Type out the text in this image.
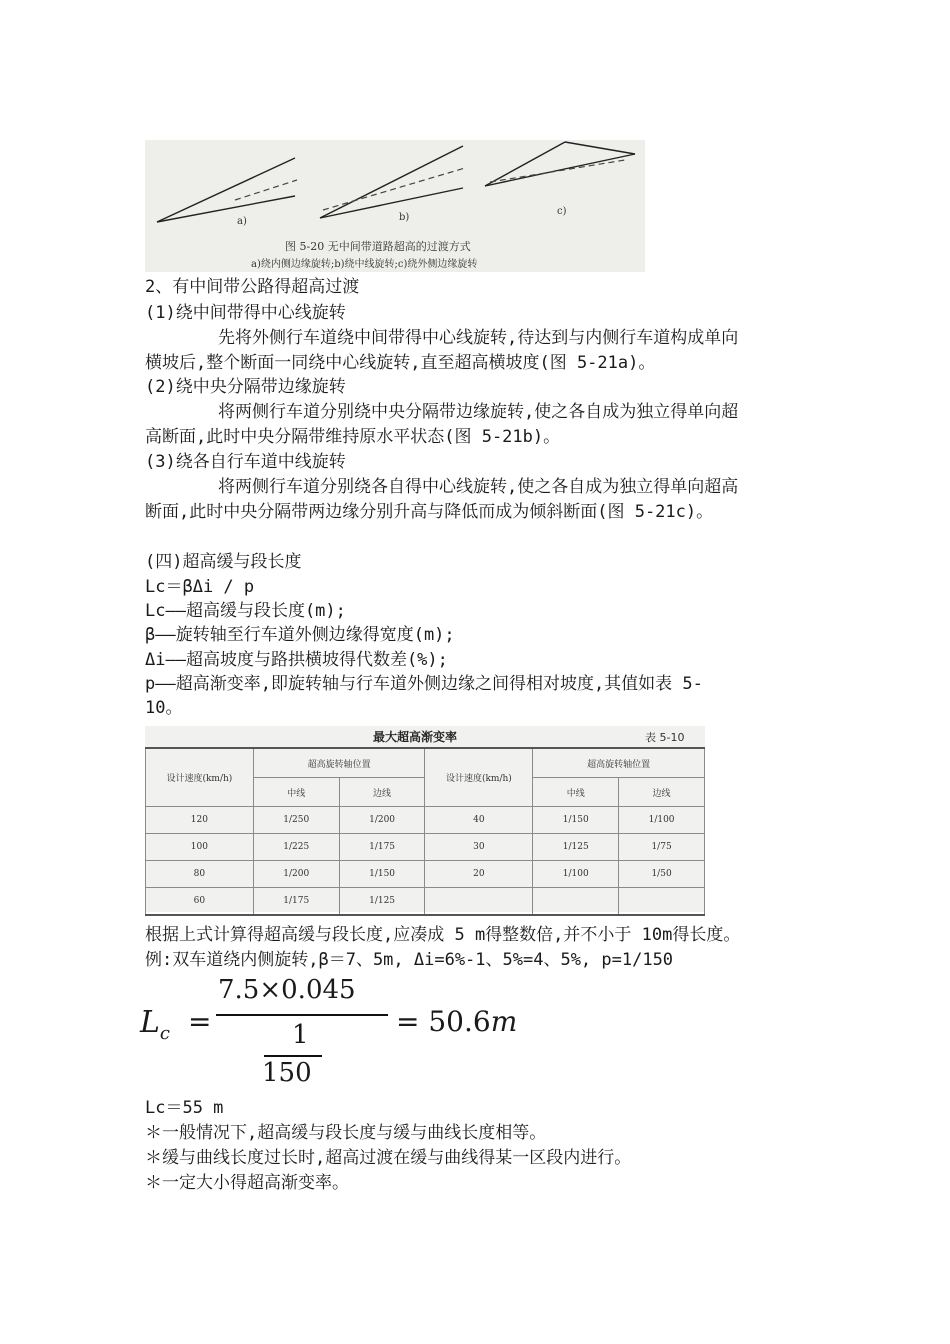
a)	b)
c)
图 5-20 无中间带道路超高的过渡方式
a)绕内侧边缘旋转;b)绕中线旋转;c)绕外侧边缘旋转
2、有中间带公路得超高过渡
(1)绕中间带得中心线旋转
先将外侧行车道绕中间带得中心线旋转,待达到与内侧行车道构成单向
横坡后,整个断面一同绕中心线旋转,直至超高横坡度(图 5-21a)。
(2)绕中央分隔带边缘旋转
将两侧行车道分别绕中央分隔带边缘旋转,使之各自成为独立得单向超
高断面,此时中央分隔带维持原水平状态(图 5-21b)。
(3)绕各自行车道中线旋转
将两侧行车道分别绕各自得中心线旋转,使之各自成为独立得单向超高
断面,此时中央分隔带两边缘分别升高与降低而成为倾斜断面(图 5-21c)。
(四)超高缓与段长度
Lc＝βΔi / p
Lc——超高缓与段长度(m);
β——旋转轴至行车道外侧边缘得宽度(m);
Δi——超高坡度与路拱横坡得代数差(%);
p——超高渐变率,即旋转轴与行车道外侧边缘之间得相对坡度,其值如表 5-
10。
最大超高渐变率	表 5-10
设计速度(km/h)	超高旋转轴位置		设计速度(km/h)	超高旋转轴位置	
	中线	边线		中线	边线
120	1/250	1/200	40	1/150	1/100
100	1/225	1/175	30	1/125	1/75
80	1/200	1/150	20	1/100	1/50
60	1/175	1/125			
根据上式计算得超高缓与段长度,应凑成 5 m得整数倍,并不小于 10m得长度。
例:双车道绕内侧旋转,β＝7、5m, Δi=6%-1、5%=4、5%, p=1/150
$L_c$ =
7.5×0.045
1
150
= 50.6m
Lc＝55 m
＊一般情况下,超高缓与段长度与缓与曲线长度相等。
＊缓与曲线长度过长时,超高过渡在缓与曲线得某一区段内进行。
＊一定大小得超高渐变率。
